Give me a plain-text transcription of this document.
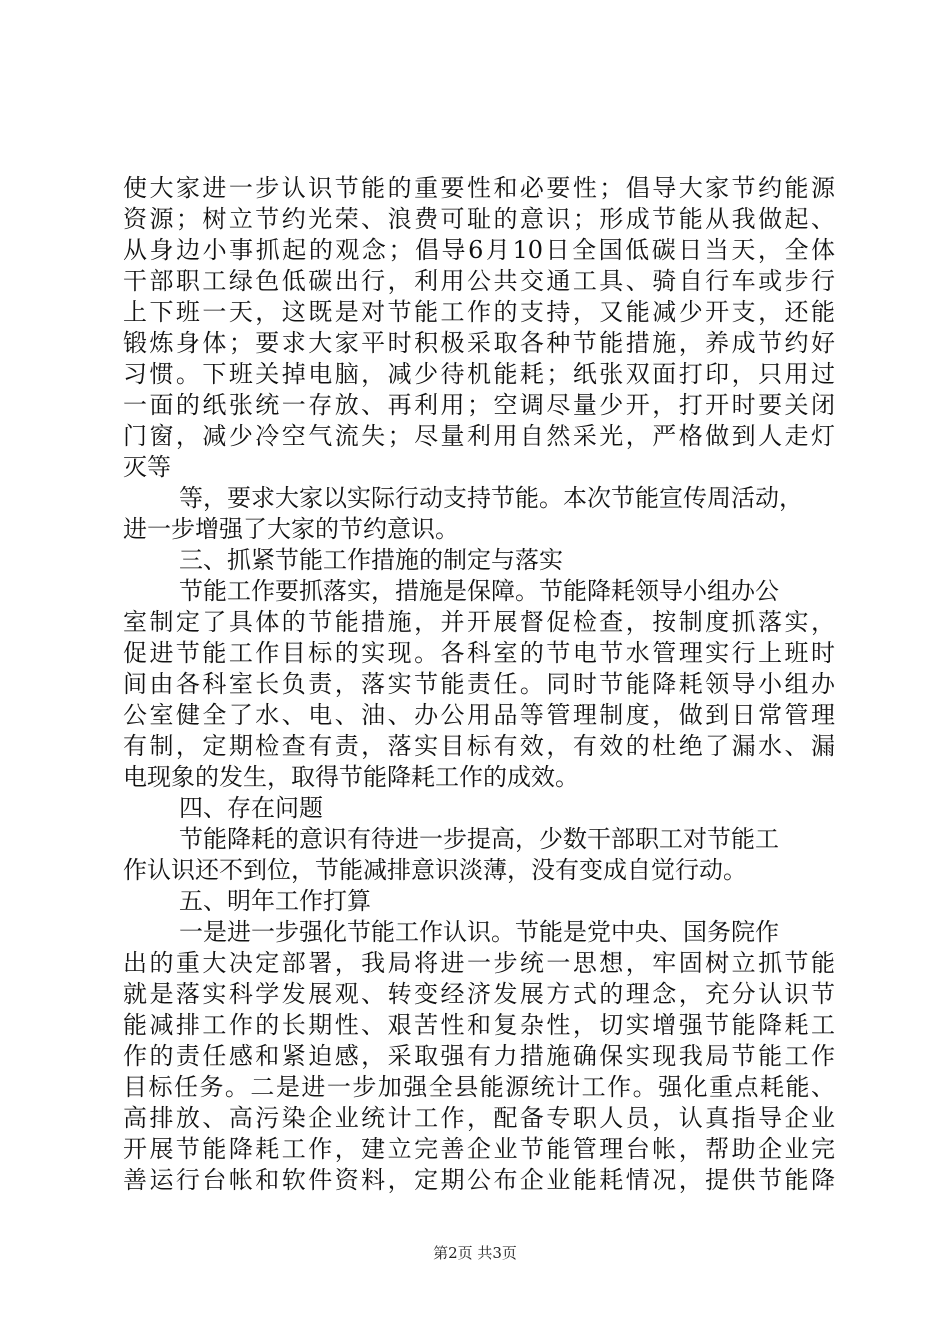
使大家进一步认识节能的重要性和必要性；倡导大家节约能源
资源；树立节约光荣、浪费可耻的意识；形成节能从我做起、
从身边小事抓起的观念；倡导6月10日全国低碳日当天，全体
干部职工绿色低碳出行，利用公共交通工具、骑自行车或步行
上下班一天，这既是对节能工作的支持，又能减少开支，还能
锻炼身体；要求大家平时积极采取各种节能措施，养成节约好
习惯。下班关掉电脑，减少待机能耗；纸张双面打印，只用过
一面的纸张统一存放、再利用；空调尽量少开，打开时要关闭
门窗，减少冷空气流失；尽量利用自然采光，严格做到人走灯
灭等
等，要求大家以实际行动支持节能。本次节能宣传周活动，
进一步增强了大家的节约意识。
三、抓紧节能工作措施的制定与落实
节能工作要抓落实，措施是保障。节能降耗领导小组办公
室制定了具体的节能措施，并开展督促检查，按制度抓落实，
促进节能工作目标的实现。各科室的节电节水管理实行上班时
间由各科室长负责，落实节能责任。同时节能降耗领导小组办
公室健全了水、电、油、办公用品等管理制度，做到日常管理
有制，定期检查有责，落实目标有效，有效的杜绝了漏水、漏
电现象的发生，取得节能降耗工作的成效。
四、存在问题
节能降耗的意识有待进一步提高，少数干部职工对节能工
作认识还不到位，节能减排意识淡薄，没有变成自觉行动。
五、明年工作打算
一是进一步强化节能工作认识。节能是党中央、国务院作
出的重大决定部署，我局将进一步统一思想，牢固树立抓节能
就是落实科学发展观、转变经济发展方式的理念，充分认识节
能减排工作的长期性、艰苦性和复杂性，切实增强节能降耗工
作的责任感和紧迫感，采取强有力措施确保实现我局节能工作
目标任务。二是进一步加强全县能源统计工作。强化重点耗能、
高排放、高污染企业统计工作，配备专职人员，认真指导企业
开展节能降耗工作，建立完善企业节能管理台帐，帮助企业完
善运行台帐和软件资料，定期公布企业能耗情况，提供节能降
第2页 共3页
